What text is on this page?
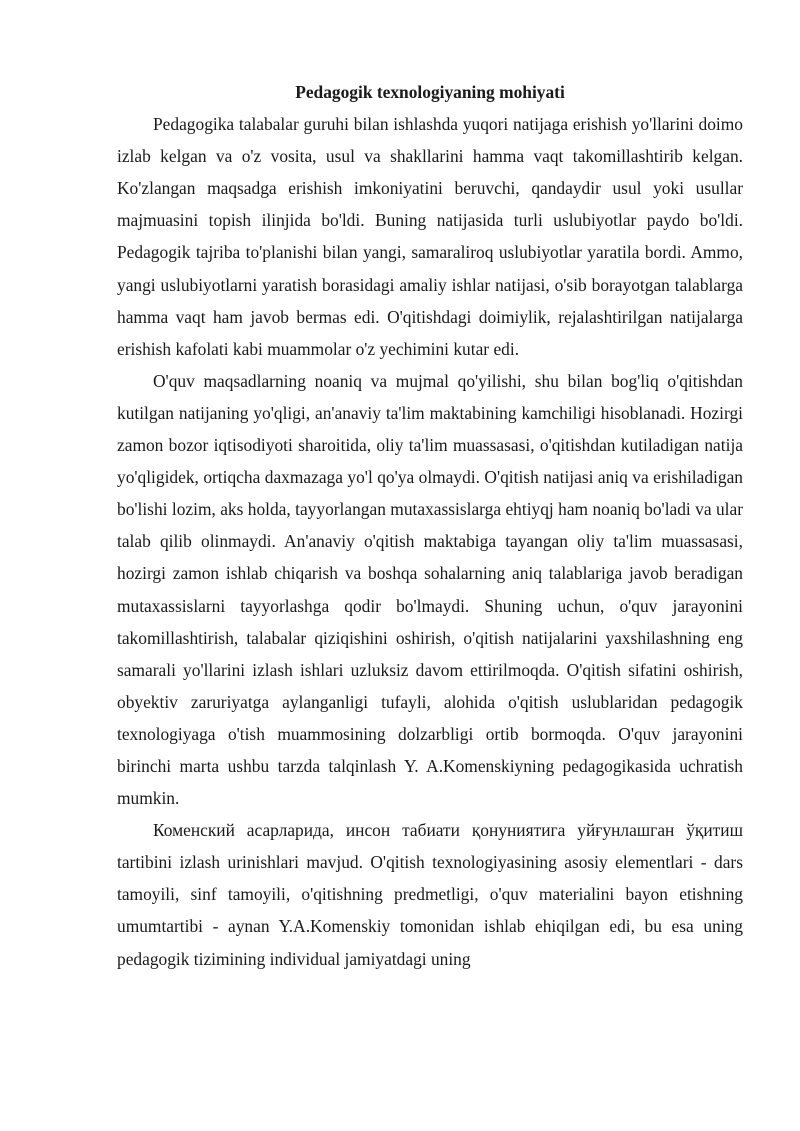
Pedagogik texnologiyaning mohiyati

Pedagogika talabalar guruhi bilan ishlashda yuqori natijaga erishish yo'llarini doimo izlab kelgan va o'z vosita, usul va shakllarini hamma vaqt takomillashtirib kelgan. Ko'zlangan maqsadga erishish imkoniyatini beruvchi, qandaydir usul yoki usullar majmuasini topish ilinjida bo'ldi. Buning natijasida turli uslubiyotlar paydo bo'ldi. Pedagogik tajriba to'planishi bilan yangi, samaraliroq uslubiyotlar yaratila bordi. Ammo, yangi uslubiyotlarni yaratish borasidagi amaliy ishlar natijasi, o'sib borayotgan talablarga hamma vaqt ham javob bermas edi. O'qitishdagi doimiylik, rejalashtirilgan natijalarga erishish kafolati kabi muammolar o'z yechimini kutar edi.

O'quv maqsadlarning noaniq va mujmal qo'yilishi, shu bilan bog'liq o'qitishdan kutilgan natijaning yo'qligi, an'anaviy ta'lim maktabining kamchiligi hisoblanadi. Hozirgi zamon bozor iqtisodiyoti sharoitida, oliy ta'lim muassasasi, o'qitishdan kutiladigan natija yo'qligidek, ortiqcha daxmazaga yo'l qo'ya olmaydi. O'qitish natijasi aniq va erishiladigan bo'lishi lozim, aks holda, tayyorlangan mutaxassislarga ehtiyqj ham noaniq bo'ladi va ular talab qilib olinmaydi. An'anaviy o'qitish maktabiga tayangan oliy ta'lim muassasasi, hozirgi zamon ishlab chiqarish va boshqa sohalarning aniq talablariga javob beradigan mutaxassislarni tayyorlashga qodir bo'lmaydi. Shuning uchun, o'quv jarayonini takomillashtirish, talabalar qiziqishini oshirish, o'qitish natijalarini yaxshilashning eng samarali yo'llarini izlash ishlari uzluksiz davom ettirilmoqda. O'qitish sifatini oshirish, obyektiv zaruriyatga aylanganligi tufayli, alohida o'qitish uslublaridan pedagogik texnologiyaga o'tish muammosining dolzarbligi ortib bormoqda. O'quv jarayonini birinchi marta ushbu tarzda talqinlash Y. A.Komenskiyning pedagogikasida uchratish mumkin.

Коменский асарларида, инсон табиати қонуниятига уйғунлашган ўқитиш tartibini izlash urinishlari mavjud. O'qitish texnologiyasining asosiy elementlari - dars tamoyili, sinf tamoyili, o'qitishning predmetligi, o'quv materialini bayon etishning umumtartibi - aynan Y.A.Komenskiy tomonidan ishlab ehiqilgan edi, bu esa uning pedagogik tizimining individual jamiyatdagi uning
